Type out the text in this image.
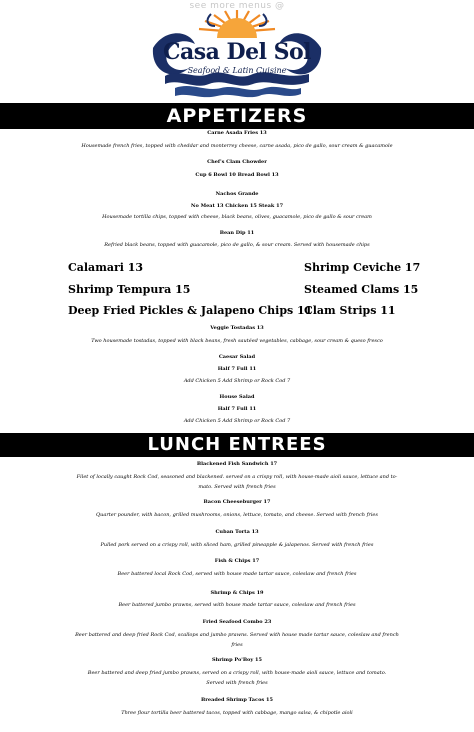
see more menus @
Casa Del Sol
Seafood & Latin Cuisine
APPETIZERS
Carne Asada Fries 13
Housemade french fries, topped with cheddar and monterrey cheese, carne asada, pico de gallo, sour cream & guacamole
Chef's Clam Chowder
Cup 6 Bowl 10 Bread Bowl 13
Nachos Grande
No Meat 13 Chicken 15 Steak 17
Housemade tortilla chips, topped with cheese, black beans, olives, guacamole, pico de gallo & sour cream
Bean Dip 11
Refried black beans, topped with guacamole, pico de gallo, & sour cream. Served with housemade chips
Calamari 13	Shrimp Ceviche 17
Shrimp Tempura 15	Steamed Clams 15
Deep Fried Pickles & Jalapeno Chips 11
Clam Strips 11
Veggie Tostadas 13
Two housemade tostadas, topped with black beans, fresh sautéed vegetables, cabbage, sour cream & queso fresco
Caesar Salad
Half 7 Full 11
Add Chicken 5 Add Shrimp or Rock Cod 7
House Salad
Half 7 Full 11
Add Chicken 5 Add Shrimp or Rock Cod 7
LUNCH ENTREES
Blackened Fish Sandwich 17
Filet of locally caught Rock Cod, seasoned and blackened. served on a crispy roll, with house-made aioli sauce, lettuce and to-
mato. Served with french fries
Bacon Cheeseburger 17
Quarter pounder, with bacon, grilled mushrooms, onions, lettuce, tomato, and cheese. Served with french fries
Cuban Torta 13
Pulled pork served on a crispy roll, with sliced ham, grilled pineapple & jalapenos. Served with french fries
Fish & Chips 17
Beer battered local Rock Cod, served with house made tartar sauce, coleslaw and french fries
Shrimp & Chips 19
Beer battered jumbo prawns, served with house made tartar sauce, coleslaw and french fries
Fried Seafood Combo 23
Beer battered and deep fried Rock Cod, scallops and jumbo prawns. Served with house made tartar sauce, coleslaw and french
fries
Shrimp Po'Boy 15
Beer battered and deep fried jumbo prawns, served on a crispy roll, with house-made aioli sauce, lettuce and tomato.
Served with french fries
Breaded Shrimp Tacos 15
Three flour tortilla beer battered tacos, topped with cabbage, mango salsa, & chipotle aioli
